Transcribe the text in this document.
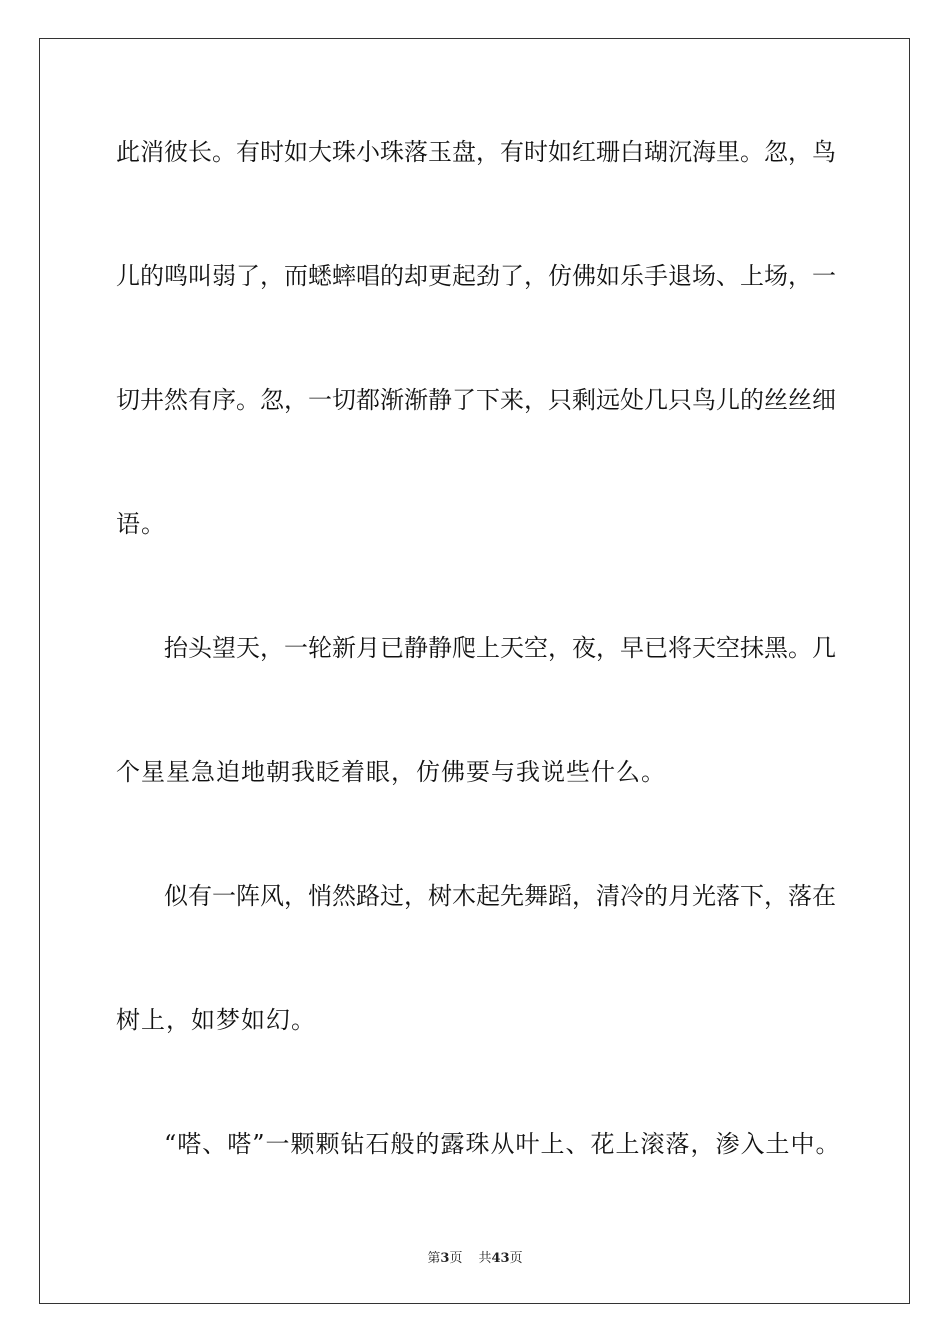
此消彼长。有时如大珠小珠落玉盘，有时如红珊白瑚沉海里。忽，鸟
儿的鸣叫弱了，而蟋蟀唱的却更起劲了，仿佛如乐手退场、上场，一
切井然有序。忽，一切都渐渐静了下来，只剩远处几只鸟儿的丝丝细
语。
抬头望天，一轮新月已静静爬上天空，夜，早已将天空抹黑。几
个星星急迫地朝我眨着眼，仿佛要与我说些什么。
似有一阵风，悄然路过，树木起先舞蹈，清冷的月光落下，落在
树上，如梦如幻。
“嗒、嗒”一颗颗钻石般的露珠从叶上、花上滚落，渗入土中。
第3页 共43页
